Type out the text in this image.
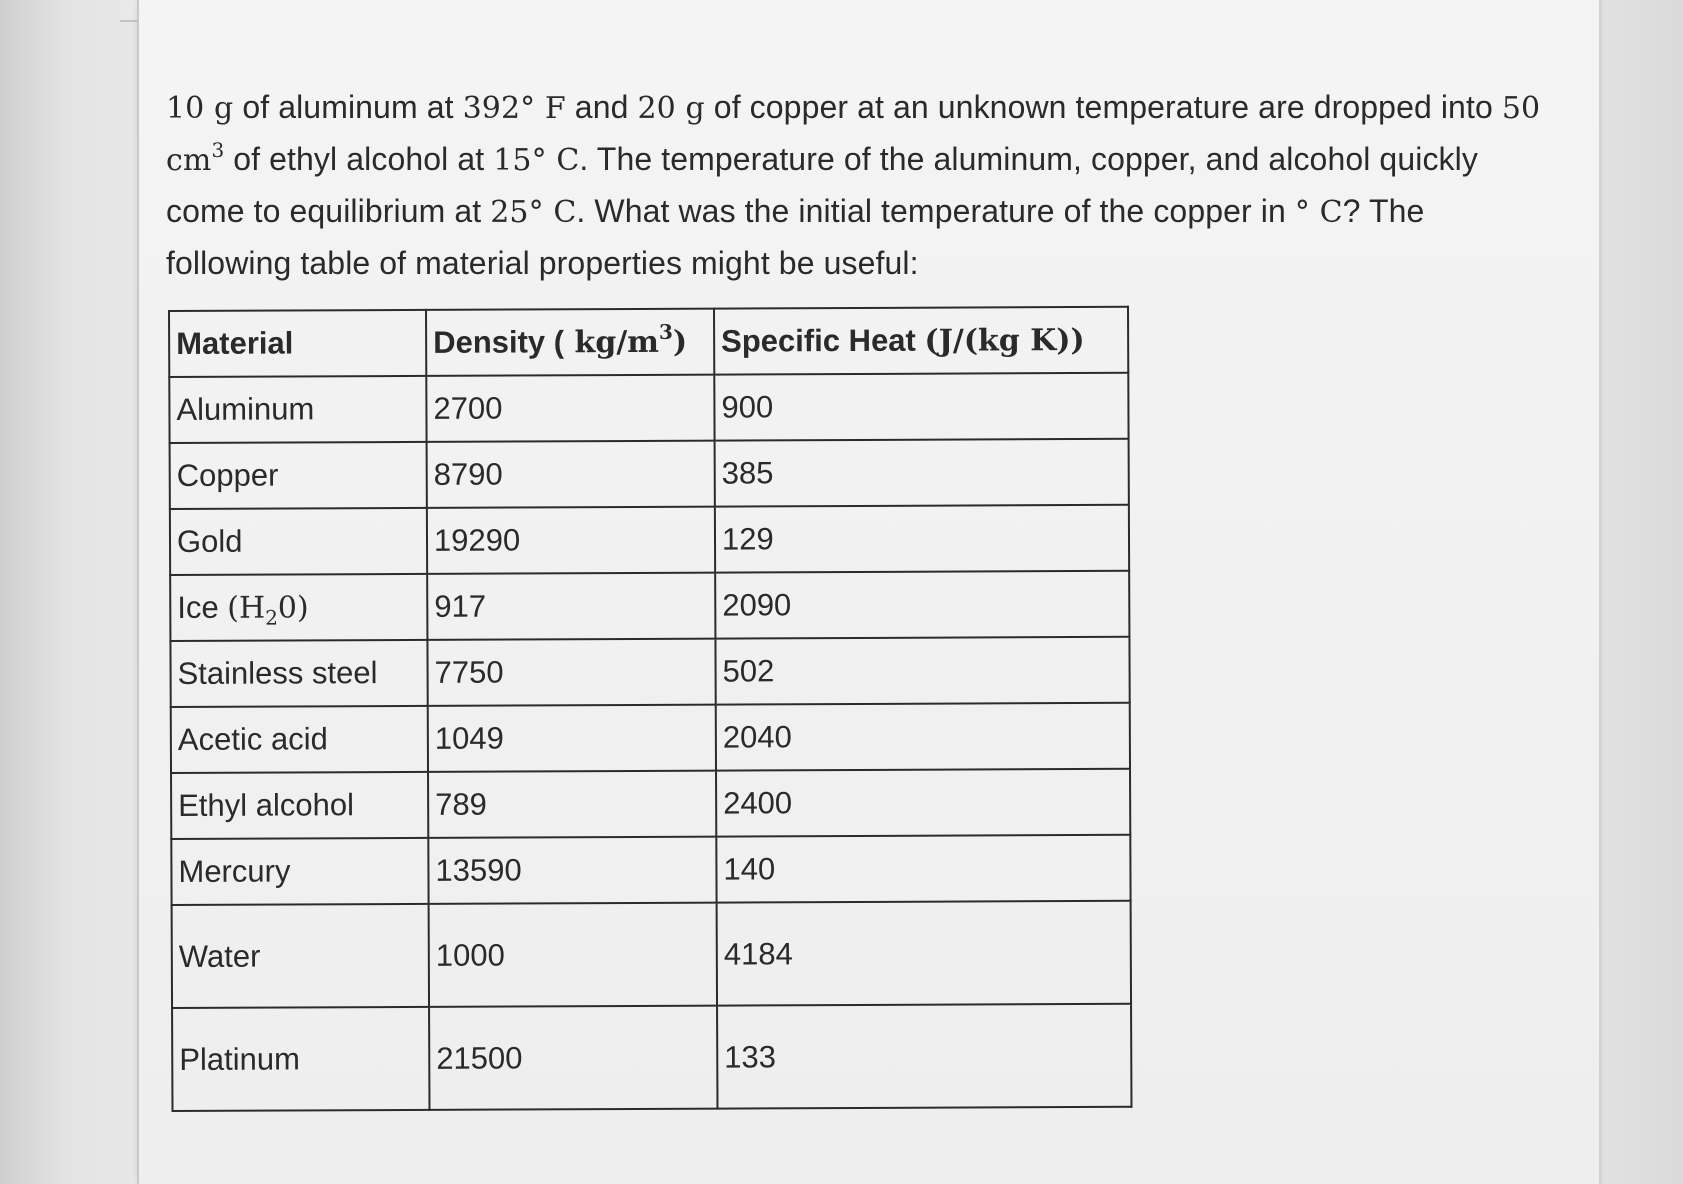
10 g of aluminum at 392° F and 20 g of copper at an unknown temperature are dropped into 50 $cm^3$ of ethyl alcohol at 15° C. The temperature of the aluminum, copper, and alcohol quickly come to equilibrium at 25° C. What was the initial temperature of the copper in ° C? The following table of material properties might be useful:
Material	Density ( $kg/m^3$)	Specific Heat (J/(kg K))
Aluminum	2700	900
Copper	8790	385
Gold	19290	129
Ice $(H_20)$	917	2090
Stainless steel	7750	502
Acetic acid	1049	2040
Ethyl alcohol	789	2400
Mercury	13590	140
Water	1000	4184
Platinum	21500	133
